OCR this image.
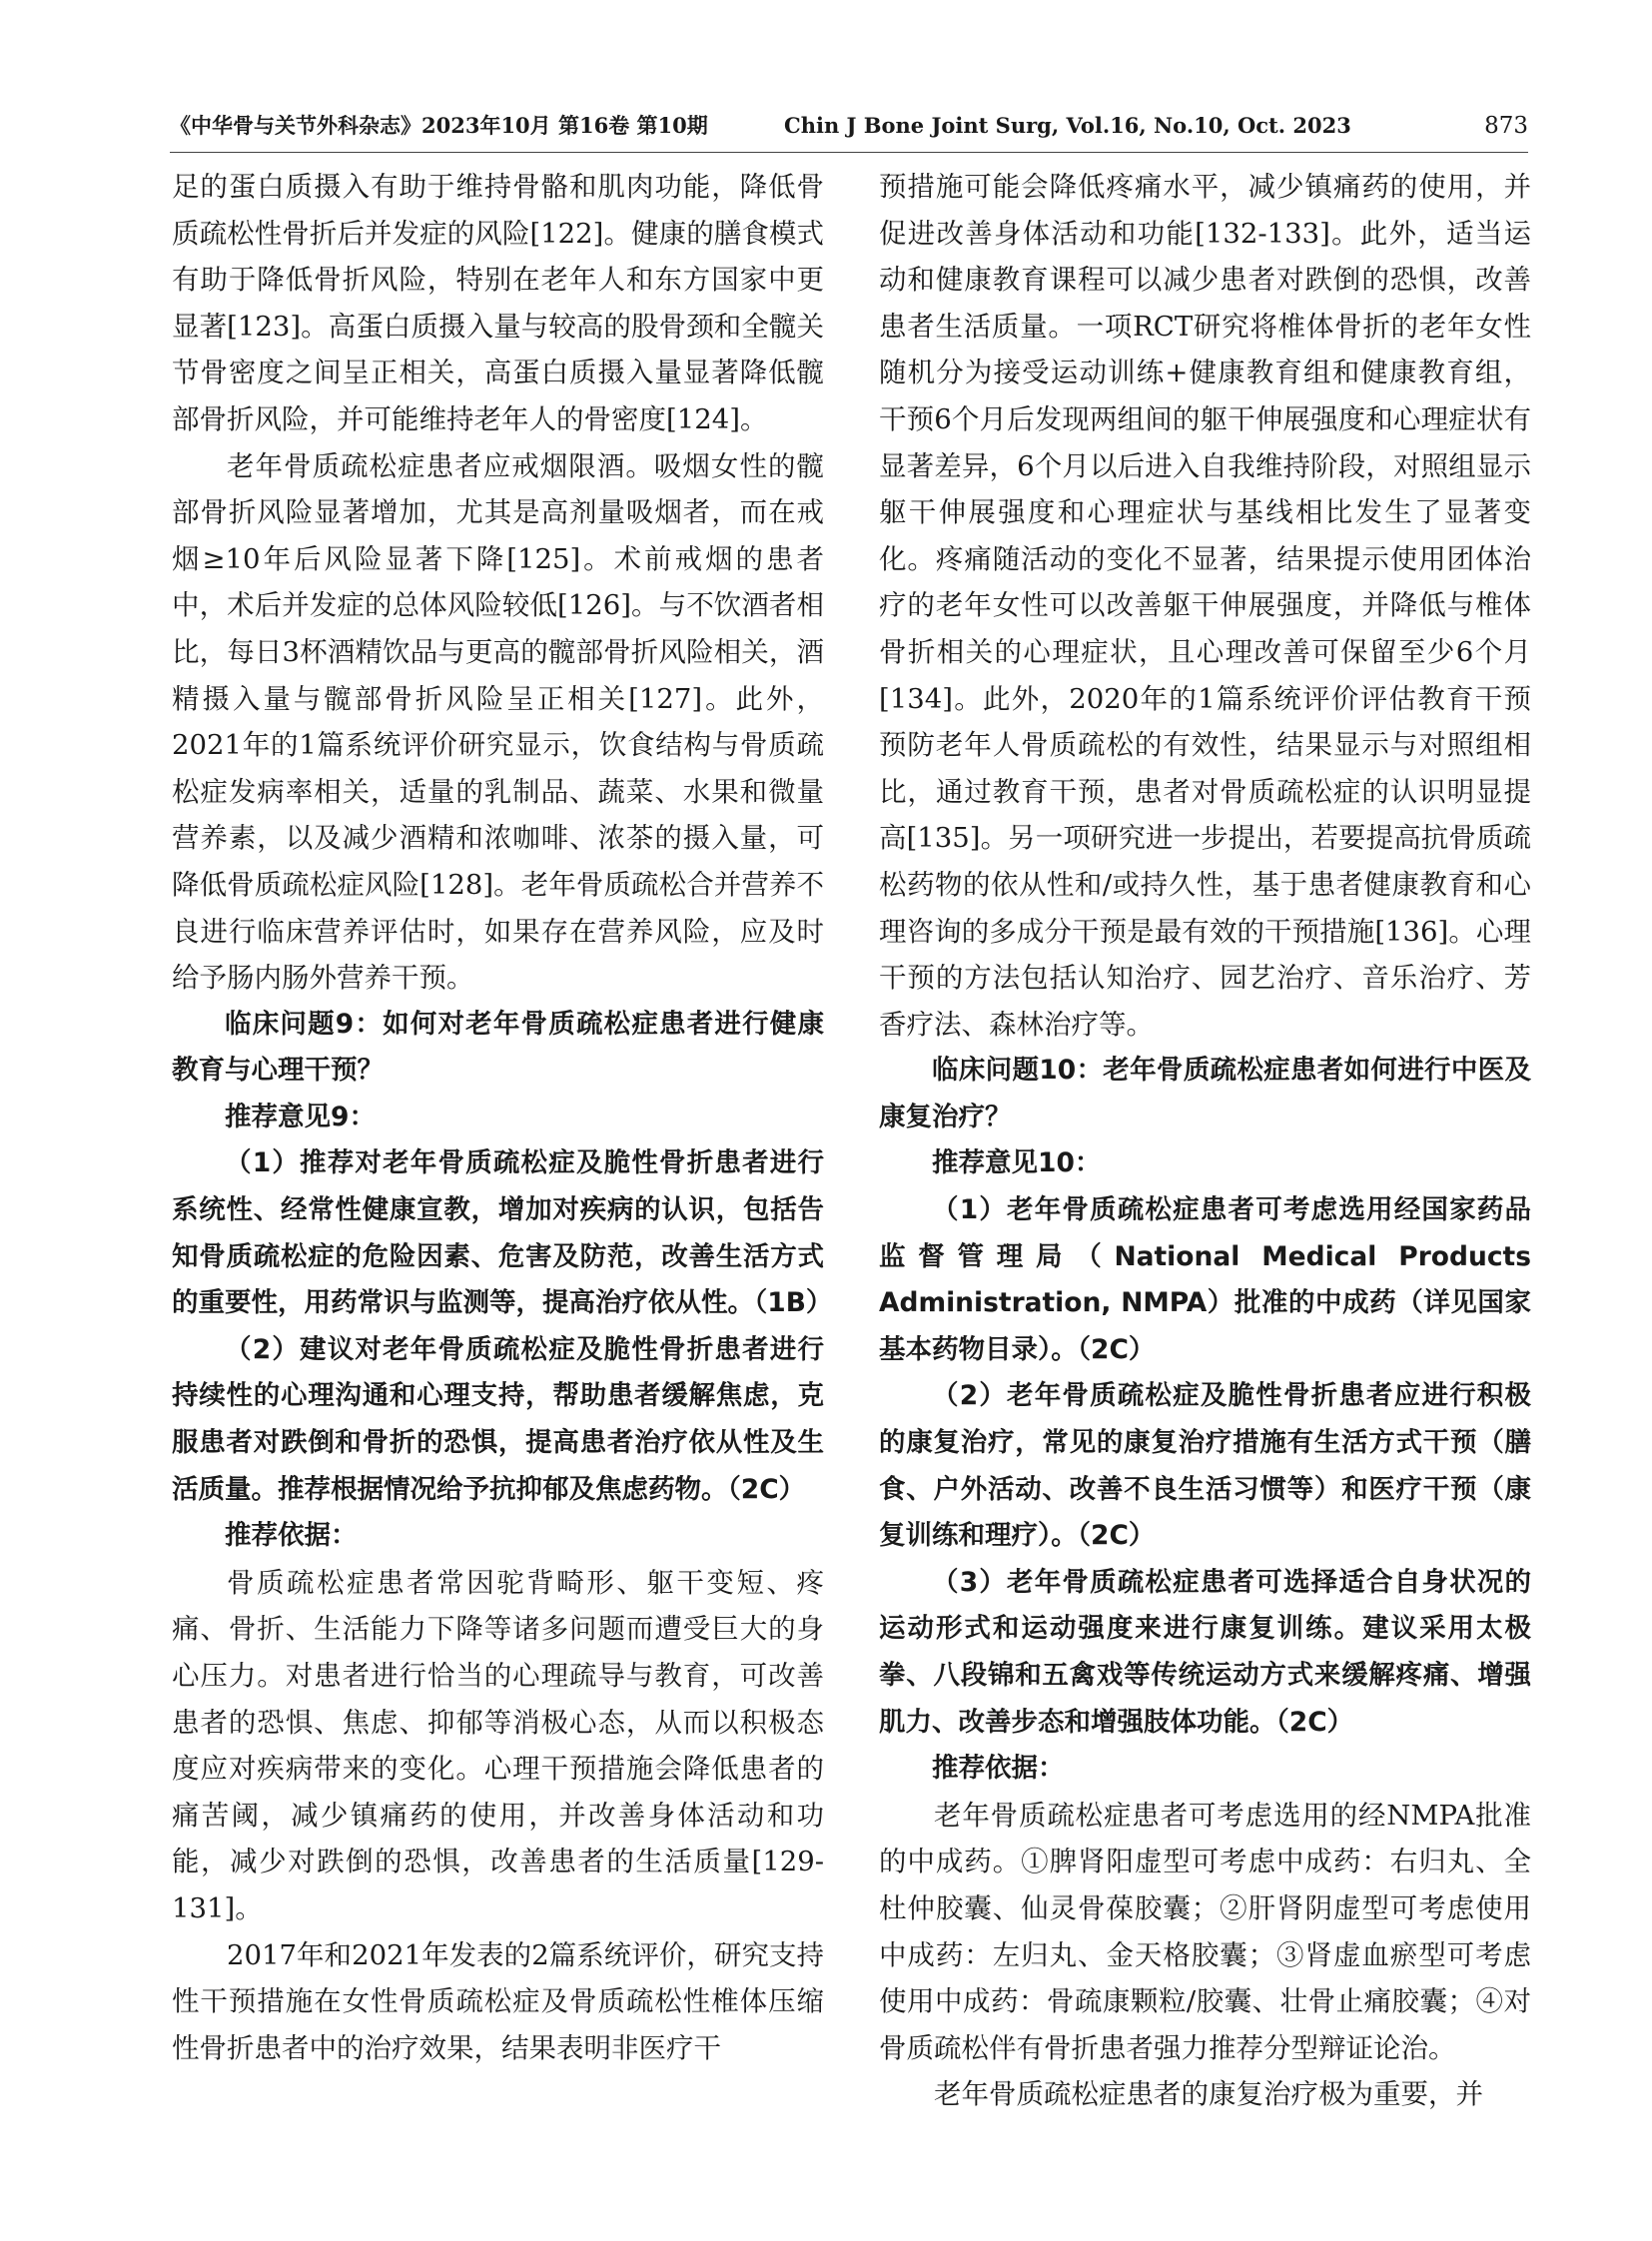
《中华骨与关节外科杂志》2023年10月 第16卷 第10期	Chin J Bone Joint Surg, Vol.16, No.10, Oct. 2023	873

足的蛋白质摄入有助于维持骨骼和肌肉功能，降低骨质疏松性骨折后并发症的风险[122]。健康的膳食模式有助于降低骨折风险，特别在老年人和东方国家中更显著[123]。高蛋白质摄入量与较高的股骨颈和全髋关节骨密度之间呈正相关，高蛋白质摄入量显著降低髋部骨折风险，并可能维持老年人的骨密度[124]。

老年骨质疏松症患者应戒烟限酒。吸烟女性的髋部骨折风险显著增加，尤其是高剂量吸烟者，而在戒烟≥10年后风险显著下降[125]。术前戒烟的患者中，术后并发症的总体风险较低[126]。与不饮酒者相比，每日3杯酒精饮品与更高的髋部骨折风险相关，酒精摄入量与髋部骨折风险呈正相关[127]。此外，2021年的1篇系统评价研究显示，饮食结构与骨质疏松症发病率相关，适量的乳制品、蔬菜、水果和微量营养素，以及减少酒精和浓咖啡、浓茶的摄入量，可降低骨质疏松症风险[128]。老年骨质疏松合并营养不良进行临床营养评估时，如果存在营养风险，应及时给予肠内肠外营养干预。

临床问题9：如何对老年骨质疏松症患者进行健康教育与心理干预？

推荐意见9：

（1）推荐对老年骨质疏松症及脆性骨折患者进行系统性、经常性健康宣教，增加对疾病的认识，包括告知骨质疏松症的危险因素、危害及防范，改善生活方式的重要性，用药常识与监测等，提高治疗依从性。（1B）

（2）建议对老年骨质疏松症及脆性骨折患者进行持续性的心理沟通和心理支持，帮助患者缓解焦虑，克服患者对跌倒和骨折的恐惧，提高患者治疗依从性及生活质量。推荐根据情况给予抗抑郁及焦虑药物。（2C）

推荐依据：

骨质疏松症患者常因驼背畸形、躯干变短、疼痛、骨折、生活能力下降等诸多问题而遭受巨大的身心压力。对患者进行恰当的心理疏导与教育，可改善患者的恐惧、焦虑、抑郁等消极心态，从而以积极态度应对疾病带来的变化。心理干预措施会降低患者的痛苦阈，减少镇痛药的使用，并改善身体活动和功能，减少对跌倒的恐惧，改善患者的生活质量[129-131]。

2017年和2021年发表的2篇系统评价，研究支持性干预措施在女性骨质疏松症及骨质疏松性椎体压缩性骨折患者中的治疗效果，结果表明非医疗干

预措施可能会降低疼痛水平，减少镇痛药的使用，并促进改善身体活动和功能[132-133]。此外，适当运动和健康教育课程可以减少患者对跌倒的恐惧，改善患者生活质量。一项RCT研究将椎体骨折的老年女性随机分为接受运动训练+健康教育组和健康教育组，干预6个月后发现两组间的躯干伸展强度和心理症状有显著差异，6个月以后进入自我维持阶段，对照组显示躯干伸展强度和心理症状与基线相比发生了显著变化。疼痛随活动的变化不显著，结果提示使用团体治疗的老年女性可以改善躯干伸展强度，并降低与椎体骨折相关的心理症状，且心理改善可保留至少6个月[134]。此外，2020年的1篇系统评价评估教育干预预防老年人骨质疏松的有效性，结果显示与对照组相比，通过教育干预，患者对骨质疏松症的认识明显提高[135]。另一项研究进一步提出，若要提高抗骨质疏松药物的依从性和/或持久性，基于患者健康教育和心理咨询的多成分干预是最有效的干预措施[136]。心理干预的方法包括认知治疗、园艺治疗、音乐治疗、芳香疗法、森林治疗等。

临床问题10：老年骨质疏松症患者如何进行中医及康复治疗？

推荐意见10：

（1）老年骨质疏松症患者可考虑选用经国家药品监督管理局（National Medical Products Administration, NMPA）批准的中成药（详见国家基本药物目录）。（2C）

（2）老年骨质疏松症及脆性骨折患者应进行积极的康复治疗，常见的康复治疗措施有生活方式干预（膳食、户外活动、改善不良生活习惯等）和医疗干预（康复训练和理疗）。（2C）

（3）老年骨质疏松症患者可选择适合自身状况的运动形式和运动强度来进行康复训练。建议采用太极拳、八段锦和五禽戏等传统运动方式来缓解疼痛、增强肌力、改善步态和增强肢体功能。（2C）

推荐依据：

老年骨质疏松症患者可考虑选用的经NMPA批准的中成药。①脾肾阳虚型可考虑中成药：右归丸、全杜仲胶囊、仙灵骨葆胶囊；②肝肾阴虚型可考虑使用中成药：左归丸、金天格胶囊；③肾虚血瘀型可考虑使用中成药：骨疏康颗粒/胶囊、壮骨止痛胶囊；④对骨质疏松伴有骨折患者强力推荐分型辩证论治。

老年骨质疏松症患者的康复治疗极为重要，并
